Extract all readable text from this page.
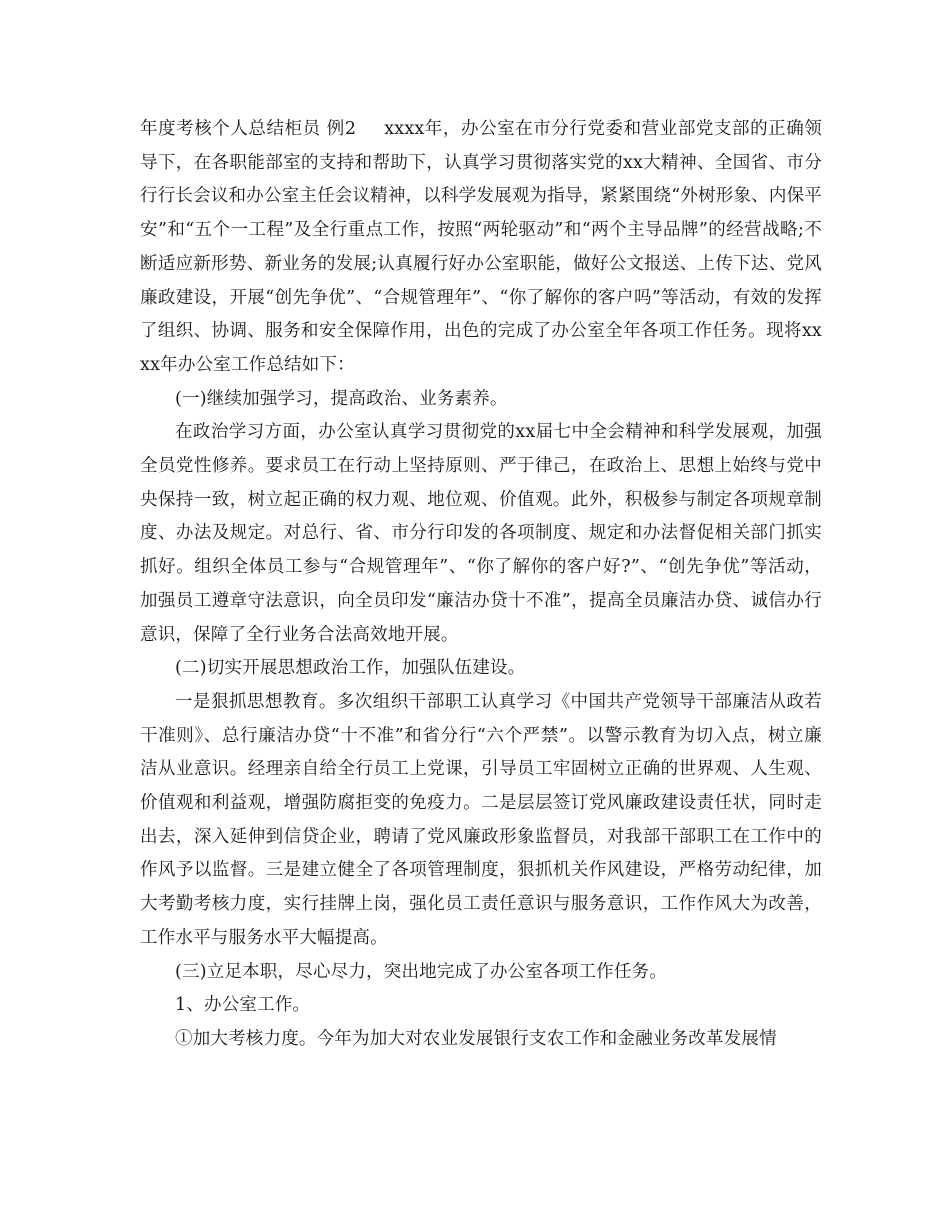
年度考核个人总结柜员 例2 xxxx年，办公室在市分行党委和营业部党支部的正确领导下，在各职能部室的支持和帮助下，认真学习贯彻落实党的xx大精神、全国省、市分行行长会议和办公室主任会议精神，以科学发展观为指导，紧紧围绕“外树形象、内保平安”和“五个一工程”及全行重点工作，按照“两轮驱动”和“两个主导品牌”的经营战略;不断适应新形势、新业务的发展;认真履行好办公室职能，做好公文报送、上传下达、党风廉政建设，开展“创先争优”、“合规管理年”、“你了解你的客户吗”等活动，有效的发挥了组织、协调、服务和安全保障作用，出色的完成了办公室全年各项工作任务。现将xxxx年办公室工作总结如下：

(一)继续加强学习，提高政治、业务素养。

在政治学习方面，办公室认真学习贯彻党的xx届七中全会精神和科学发展观，加强全员党性修养。要求员工在行动上坚持原则、严于律己，在政治上、思想上始终与党中央保持一致，树立起正确的权力观、地位观、价值观。此外，积极参与制定各项规章制度、办法及规定。对总行、省、市分行印发的各项制度、规定和办法督促相关部门抓实抓好。组织全体员工参与“合规管理年”、“你了解你的客户好?”、“创先争优”等活动，加强员工遵章守法意识，向全员印发“廉洁办贷十不准”，提高全员廉洁办贷、诚信办行意识，保障了全行业务合法高效地开展。

(二)切实开展思想政治工作，加强队伍建设。

一是狠抓思想教育。多次组织干部职工认真学习《中国共产党领导干部廉洁从政若干准则》、总行廉洁办贷“十不准”和省分行“六个严禁”。以警示教育为切入点，树立廉洁从业意识。经理亲自给全行员工上党课，引导员工牢固树立正确的世界观、人生观、价值观和利益观，增强防腐拒变的免疫力。二是层层签订党风廉政建设责任状，同时走出去，深入延伸到信贷企业，聘请了党风廉政形象监督员，对我部干部职工在工作中的作风予以监督。三是建立健全了各项管理制度，狠抓机关作风建设，严格劳动纪律，加大考勤考核力度，实行挂牌上岗，强化员工责任意识与服务意识，工作作风大为改善，工作水平与服务水平大幅提高。

(三)立足本职，尽心尽力，突出地完成了办公室各项工作任务。

1、办公室工作。

①加大考核力度。今年为加大对农业发展银行支农工作和金融业务改革发展情
